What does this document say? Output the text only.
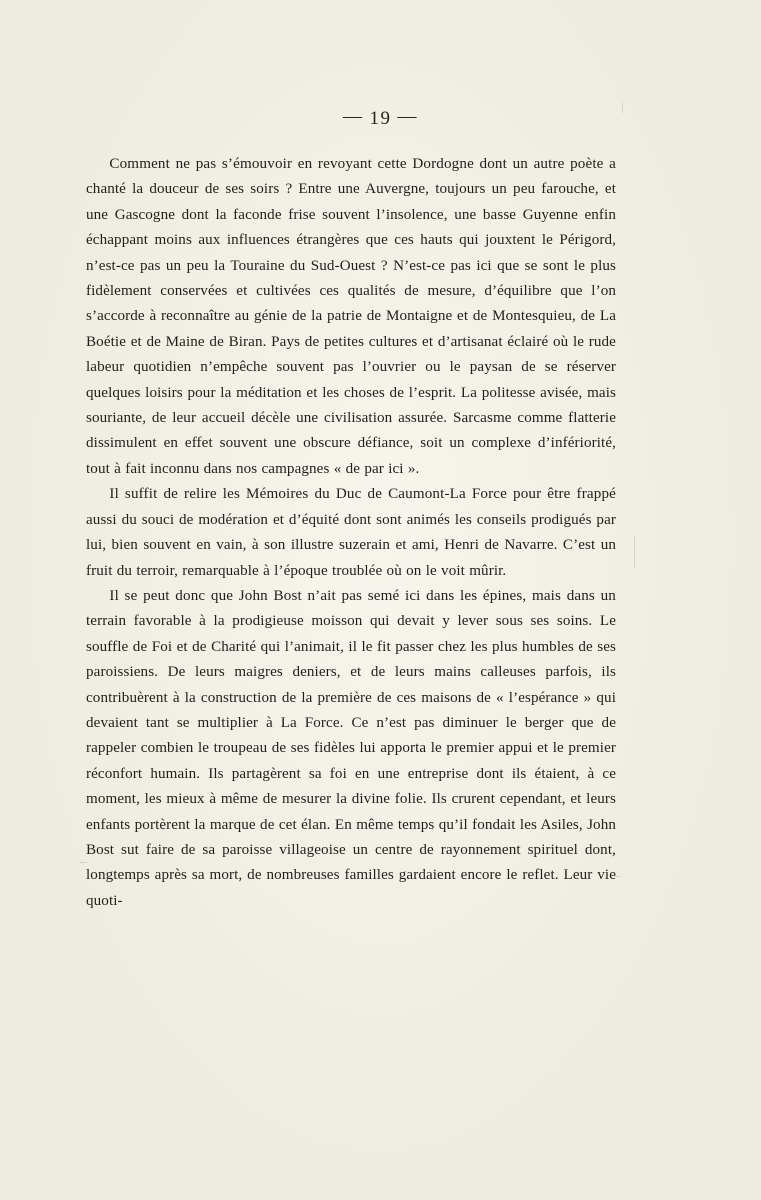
— 19 —

Comment ne pas s’émouvoir en revoyant cette Dordogne dont un autre poète a chanté la douceur de ses soirs ? Entre une Auvergne, toujours un peu farouche, et une Gascogne dont la faconde frise souvent l’insolence, une basse Guyenne enfin échappant moins aux influences étrangères que ces hauts qui jouxtent le Périgord, n’est-ce pas un peu la Touraine du Sud-Ouest ? N’est-ce pas ici que se sont le plus fidèlement conservées et cultivées ces qualités de mesure, d’équilibre que l’on s’accorde à reconnaître au génie de la patrie de Montaigne et de Montesquieu, de La Boétie et de Maine de Biran. Pays de petites cultures et d’artisanat éclairé où le rude labeur quotidien n’empêche souvent pas l’ouvrier ou le paysan de se réserver quelques loisirs pour la méditation et les choses de l’esprit. La politesse avisée, mais souriante, de leur accueil décèle une civilisation assurée. Sarcasme comme flatterie dissimulent en effet souvent une obscure défiance, soit un complexe d’infériorité, tout à fait inconnu dans nos campagnes « de par ici ».

Il suffit de relire les Mémoires du Duc de Caumont-La Force pour être frappé aussi du souci de modération et d’équité dont sont animés les conseils prodigués par lui, bien souvent en vain, à son illustre suzerain et ami, Henri de Navarre. C’est un fruit du terroir, remarquable à l’époque troublée où on le voit mûrir.

Il se peut donc que John Bost n’ait pas semé ici dans les épines, mais dans un terrain favorable à la prodigieuse moisson qui devait y lever sous ses soins. Le souffle de Foi et de Charité qui l’animait, il le fit passer chez les plus humbles de ses paroissiens. De leurs maigres deniers, et de leurs mains calleuses parfois, ils contribuèrent à la construction de la première de ces maisons de « l’espérance » qui devaient tant se multiplier à La Force. Ce n’est pas diminuer le berger que de rappeler combien le troupeau de ses fidèles lui apporta le premier appui et le premier réconfort humain. Ils partagèrent sa foi en une entreprise dont ils étaient, à ce moment, les mieux à même de mesurer la divine folie. Ils crurent cependant, et leurs enfants portèrent la marque de cet élan. En même temps qu’il fondait les Asiles, John Bost sut faire de sa paroisse villageoise un centre de rayonnement spirituel dont, longtemps après sa mort, de nombreuses familles gardaient encore le reflet. Leur vie quoti-
